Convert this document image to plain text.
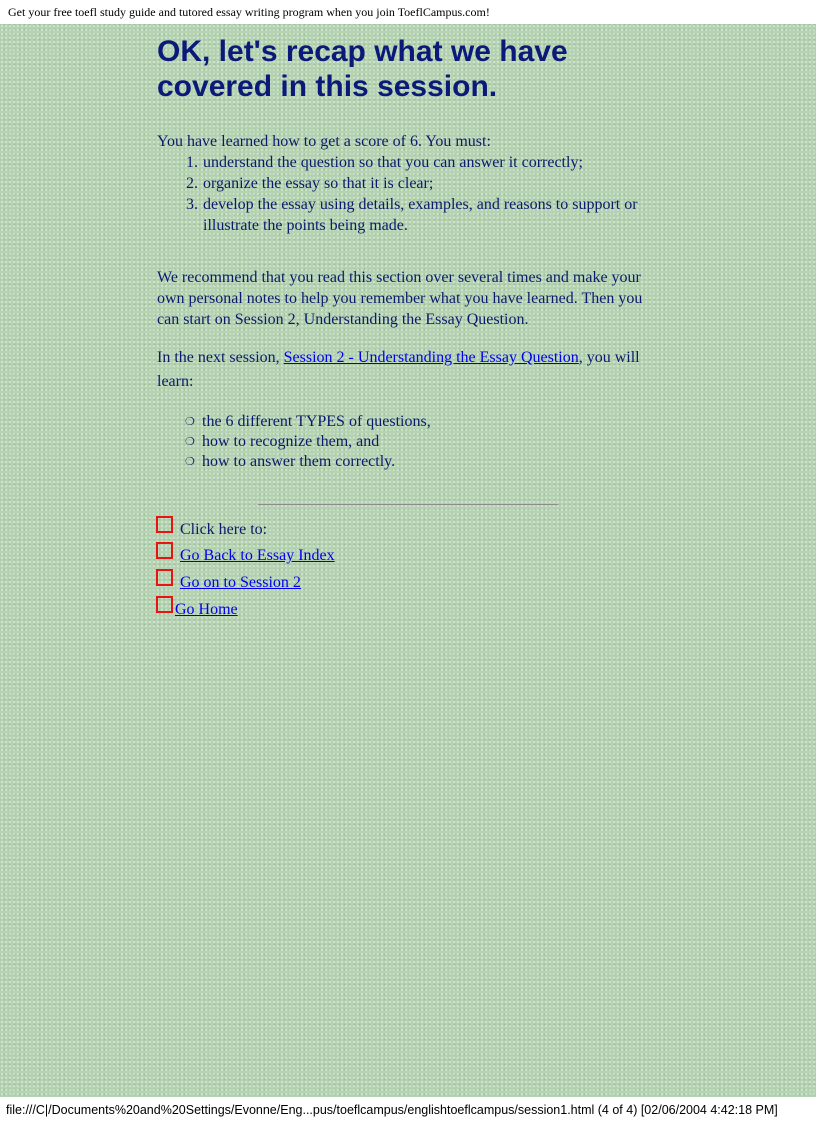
Get your free toefl study guide and tutored essay writing program when you join ToeflCampus.com!
OK, let's recap what we have covered in this session.

You have learned how to get a score of 6. You must:

1. understand the question so that you can answer it correctly;
2. organize the essay so that it is clear;
3. develop the essay using details, examples, and reasons to support or illustrate the points being made.

We recommend that you read this section over several times and make your own personal notes to help you remember what you have learned. Then you can start on Session 2, Understanding the Essay Question.

In the next session, Session 2 - Understanding the Essay Question, you will learn:

❍ the 6 different TYPES of questions,
❍ how to recognize them, and
❍ how to answer them correctly.
Click here to:
Go Back to Essay Index
Go on to Session 2
Go Home
file:///C|/Documents%20and%20Settings/Evonne/Eng...pus/toeflcampus/englishtoeflcampus/session1.html (4 of 4) [02/06/2004 4:42:18 PM]
